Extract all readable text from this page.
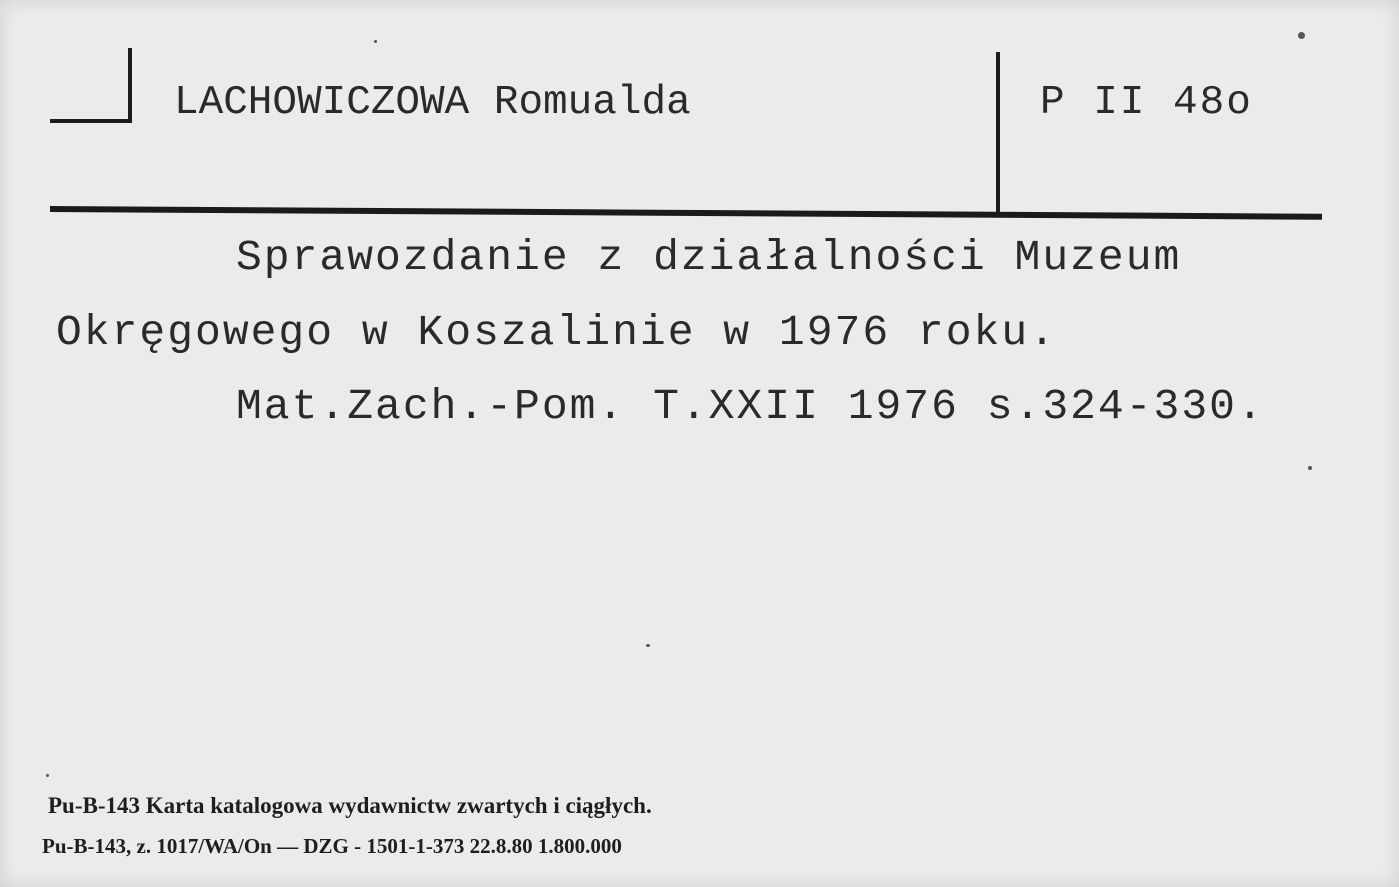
LACHOWICZOWA Romualda	P II 48o
Sprawozdanie z działalności Muzeum
Okręgowego w Koszalinie w 1976 roku.
Mat.Zach.-Pom. T.XXII 1976 s.324-330.
Pu-B-143 Karta katalogowa wydawnictw zwartych i ciągłych.
Pu-B-143, z. 1017/WA/On — DZG - 1501-1-373 22.8.80 1.800.000
